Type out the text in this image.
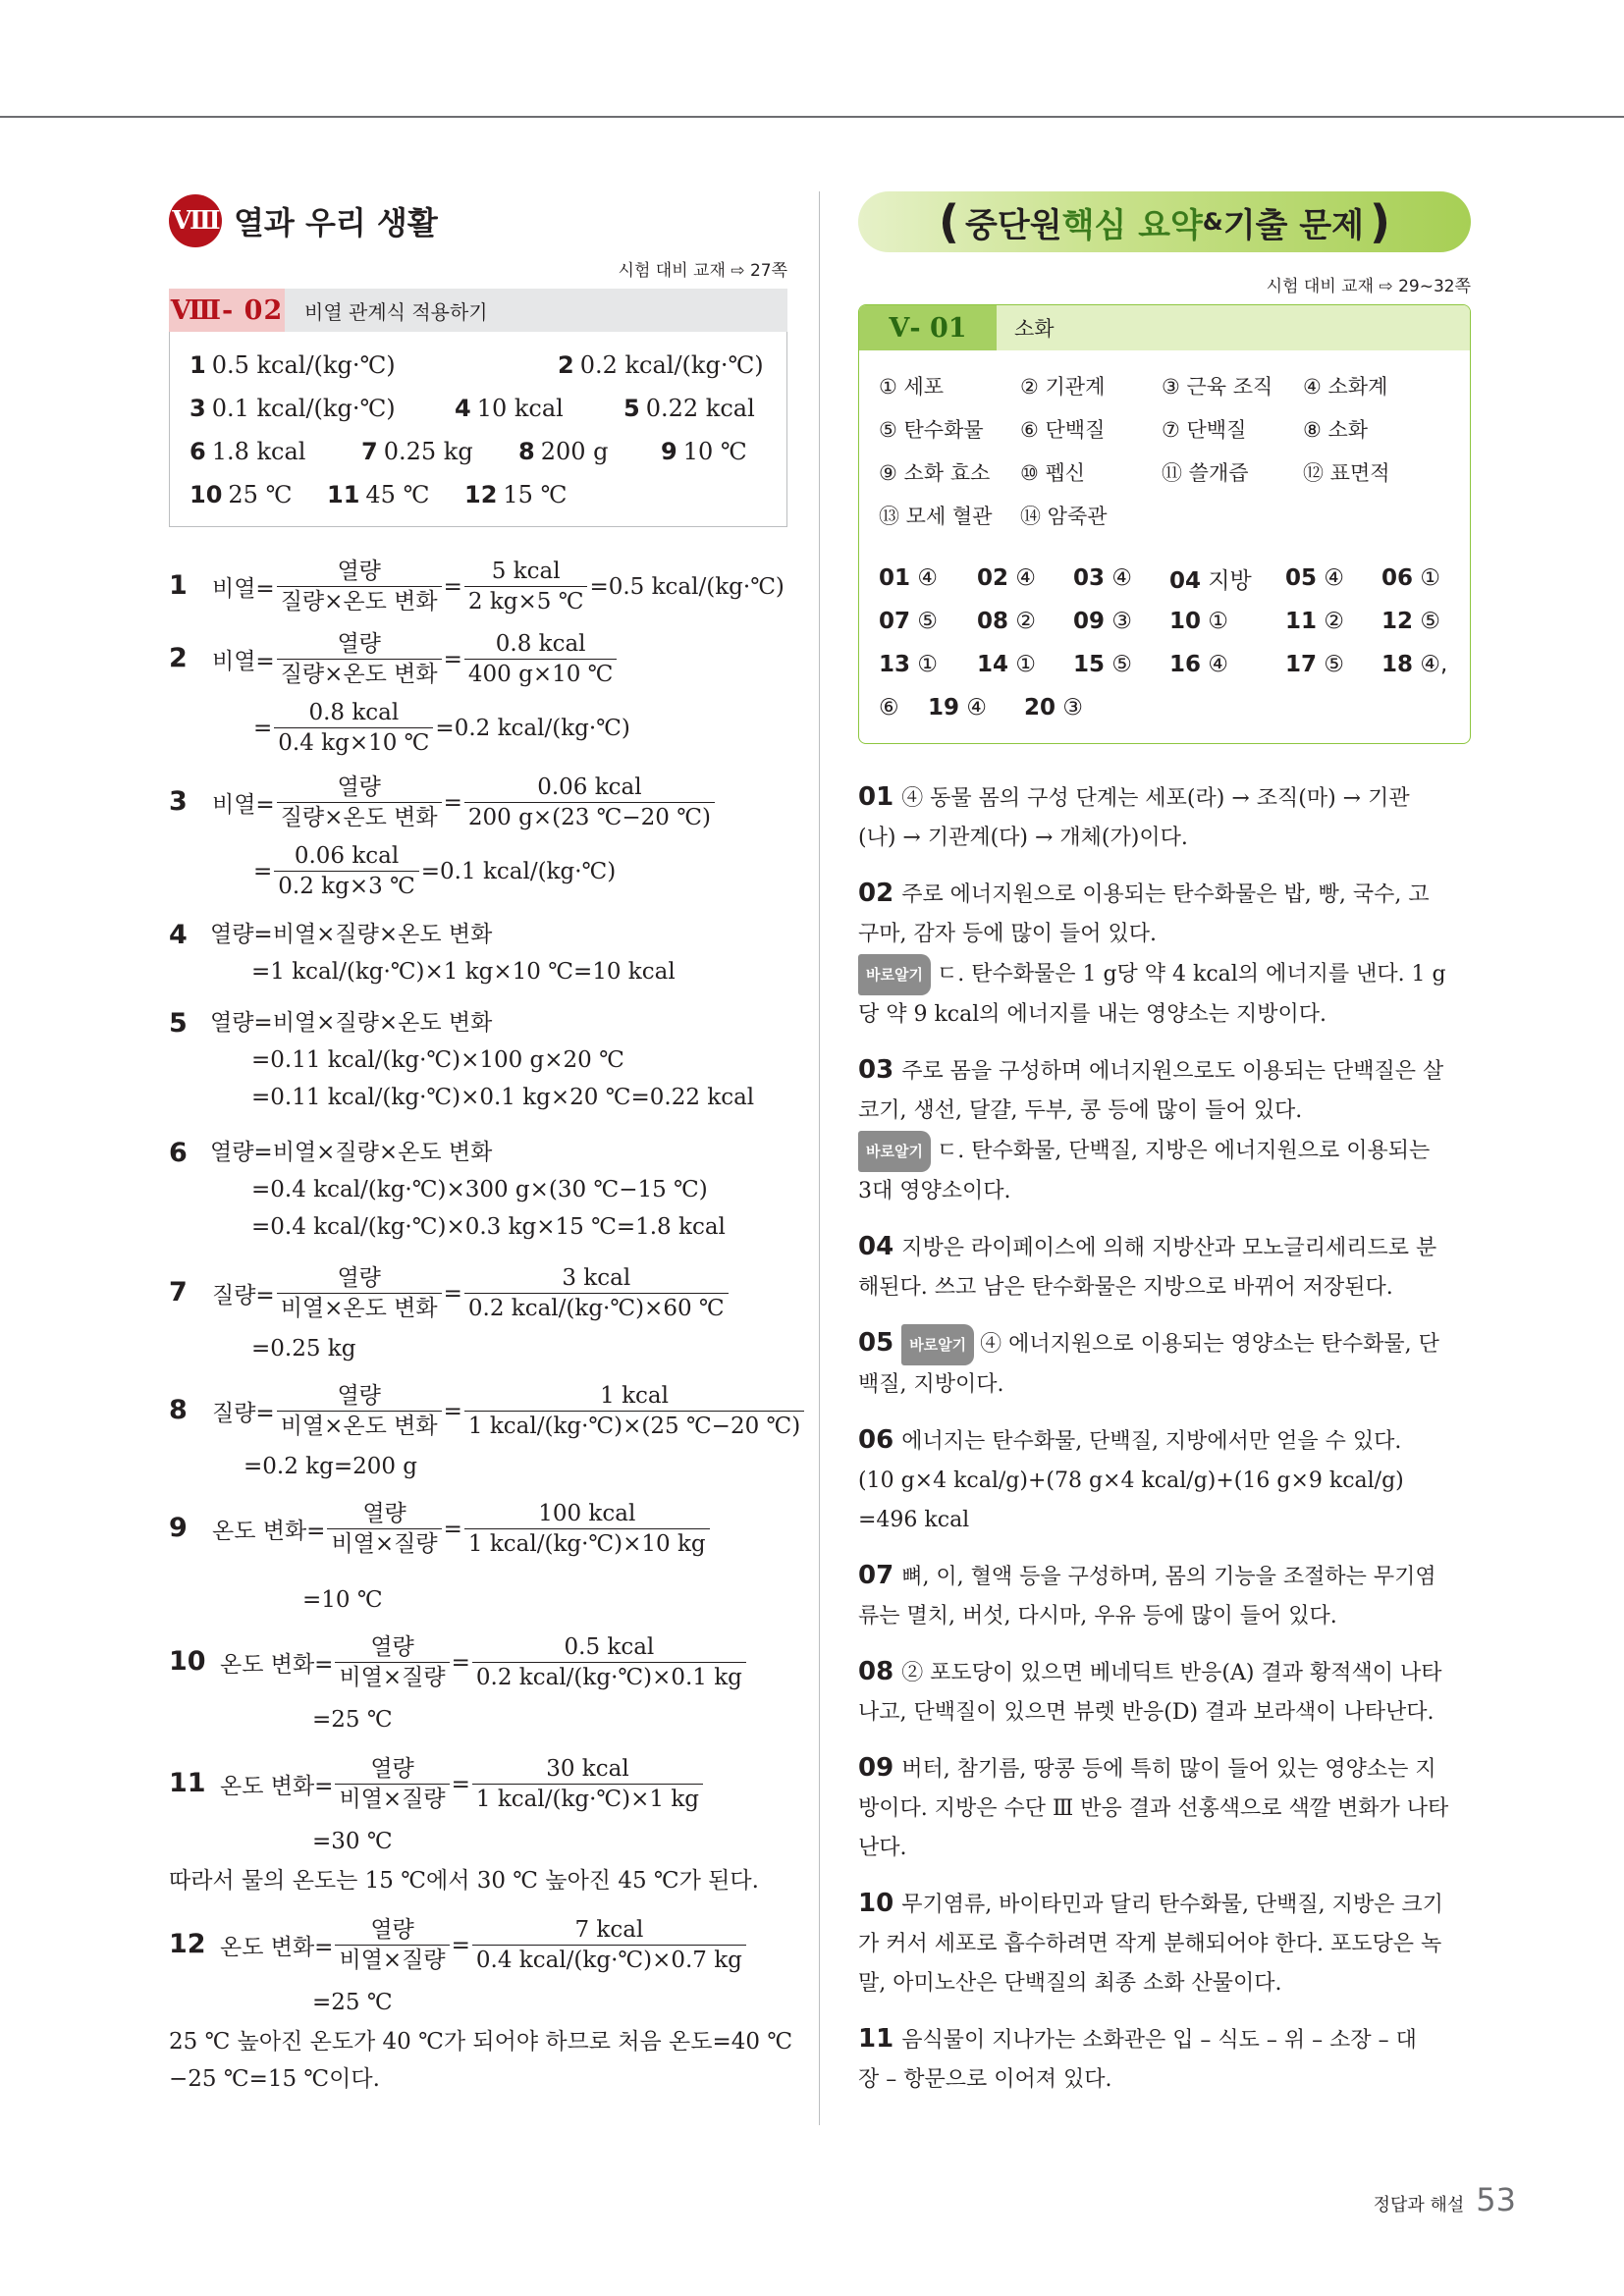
Ⅷ 열과 우리 생활
시험 대비 교재 ⇨ 27쪽
Ⅷ- 02 비열 관계식 적용하기
1 0.5 kcal/(kg·℃)	2 0.2 kcal/(kg·℃)
3 0.1 kcal/(kg·℃)	4 10 kcal	5 0.22 kcal
6 1.8 kcal	7 0.25 kg	8 200 g	9 10 ℃
10 25 ℃	11 45 ℃	12 15 ℃
1 비열= $\frac{\text{열량}}{\text{질량×온도 변화}} = \frac{\text{5 kcal}}{2 kg\times 5 ℃} =0.5$ kcal/(kg·℃)
2 비열= $\frac{\text{열량}}{\text{질량×온도 변화}} = \frac{\text{0.8 kcal}}{400 g\times 10 ℃}$
= $\frac{\text{0.8 kcal}}{0.4 kg\times 10 ℃} =0.2$ kcal/(kg·℃)
3 비열= $\frac{\text{열량}}{\text{질량×온도 변화}} = \frac{\text{0.06 kcal}}{200 g\times(23 ℃-20 ℃)}$
= $\frac{\text{0.06 kcal}}{0.2 kg\times 3 ℃} =0.1$ kcal/(kg·℃)
4 열량=비열×질량×온도 변화
=1 kcal/(kg·℃)×1 kg×10 ℃=10 kcal
5 열량=비열×질량×온도 변화
=0.11 kcal/(kg·℃)×100 g×20 ℃
=0.11 kcal/(kg·℃)×0.1 kg×20 ℃=0.22 kcal
6 열량=비열×질량×온도 변화
=0.4 kcal/(kg·℃)×300 g×(30 ℃−15 ℃)
=0.4 kcal/(kg·℃)×0.3 kg×15 ℃=1.8 kcal
7 질량= $\frac{\text{열량}}{\text{비열×온도 변화}} = \frac{\text{3 kcal}}{\text{0.2 kcal/(kg·℃)×60 ℃}}$
=0.25 kg
8 질량= $\frac{\text{열량}}{\text{비열×온도 변화}} = \frac{\text{1 kcal}}{\text{1 kcal/(kg·℃)×(25 ℃−20 ℃)}}$
=0.2 kg=200 g
9 온도 변화= $\frac{\text{열량}}{\text{비열×질량}} = \frac{\text{100 kcal}}{\text{1 kcal/(kg·℃)×10 kg}}$
=10 ℃
10 온도 변화= $\frac{\text{열량}}{\text{비열×질량}} = \frac{\text{0.5 kcal}}{\text{0.2 kcal/(kg·℃)×0.1 kg}}$
=25 ℃
11 온도 변화= $\frac{\text{열량}}{\text{비열×질량}} = \frac{\text{30 kcal}}{\text{1 kcal/(kg·℃)×1 kg}}$
=30 ℃
따라서 물의 온도는 15 ℃에서 30 ℃ 높아진 45 ℃가 된다.
12 온도 변화= $\frac{\text{열량}}{\text{비열×질량}} = \frac{\text{7 kcal}}{\text{0.4 kcal/(kg·℃)×0.7 kg}}$
=25 ℃
25 ℃ 높아진 온도가 40 ℃가 되어야 하므로 처음 온도=40 ℃
−25 ℃=15 ℃이다.
( 중단원 핵심 요약 & 기출 문제 )
시험 대비 교재 ⇨ 29~32쪽
Ⅴ- 01	소화
① 세포	② 기관계	③ 근육 조직	④ 소화계
⑤ 탄수화물	⑥ 단백질	⑦ 단백질	⑧ 소화
⑨ 소화 효소	⑩ 펩신	⑪ 쓸개즙	⑫ 표면적
⑬ 모세 혈관	⑭ 암죽관
01 ④	02 ④	03 ④	04 지방	05 ④	06 ①
07 ⑤	08 ②	09 ③	10 ①	11 ②	12 ⑤
13 ①	14 ①	15 ⑤	16 ④	17 ⑤	18 ④,
⑥	19 ④	20 ③
01 ④ 동물 몸의 구성 단계는 세포(라) → 조직(마) → 기관
(나) → 기관계(다) → 개체(가)이다.
02 주로 에너지원으로 이용되는 탄수화물은 밥, 빵, 국수, 고
구마, 감자 등에 많이 들어 있다.
바로알기 ㄷ. 탄수화물은 1 g당 약 4 kcal의 에너지를 낸다. 1 g
당 약 9 kcal의 에너지를 내는 영양소는 지방이다.
03 주로 몸을 구성하며 에너지원으로도 이용되는 단백질은 살
코기, 생선, 달걀, 두부, 콩 등에 많이 들어 있다.
바로알기 ㄷ. 탄수화물, 단백질, 지방은 에너지원으로 이용되는
3대 영양소이다.
04 지방은 라이페이스에 의해 지방산과 모노글리세리드로 분
해된다. 쓰고 남은 탄수화물은 지방으로 바뀌어 저장된다.
05 바로알기 ④ 에너지원으로 이용되는 영양소는 탄수화물, 단
백질, 지방이다.
06 에너지는 탄수화물, 단백질, 지방에서만 얻을 수 있다.
(10 g×4 kcal/g)+(78 g×4 kcal/g)+(16 g×9 kcal/g)
=496 kcal
07 뼈, 이, 혈액 등을 구성하며, 몸의 기능을 조절하는 무기염
류는 멸치, 버섯, 다시마, 우유 등에 많이 들어 있다.
08 ② 포도당이 있으면 베네딕트 반응(A) 결과 황적색이 나타
나고, 단백질이 있으면 뷰렛 반응(D) 결과 보라색이 나타난다.
09 버터, 참기름, 땅콩 등에 특히 많이 들어 있는 영양소는 지
방이다. 지방은 수단 Ⅲ 반응 결과 선홍색으로 색깔 변화가 나타
난다.
10 무기염류, 바이타민과 달리 탄수화물, 단백질, 지방은 크기
가 커서 세포로 흡수하려면 작게 분해되어야 한다. 포도당은 녹
말, 아미노산은 단백질의 최종 소화 산물이다.
11 음식물이 지나가는 소화관은 입 – 식도 – 위 – 소장 – 대
장 – 항문으로 이어져 있다.
정답과 해설 53
